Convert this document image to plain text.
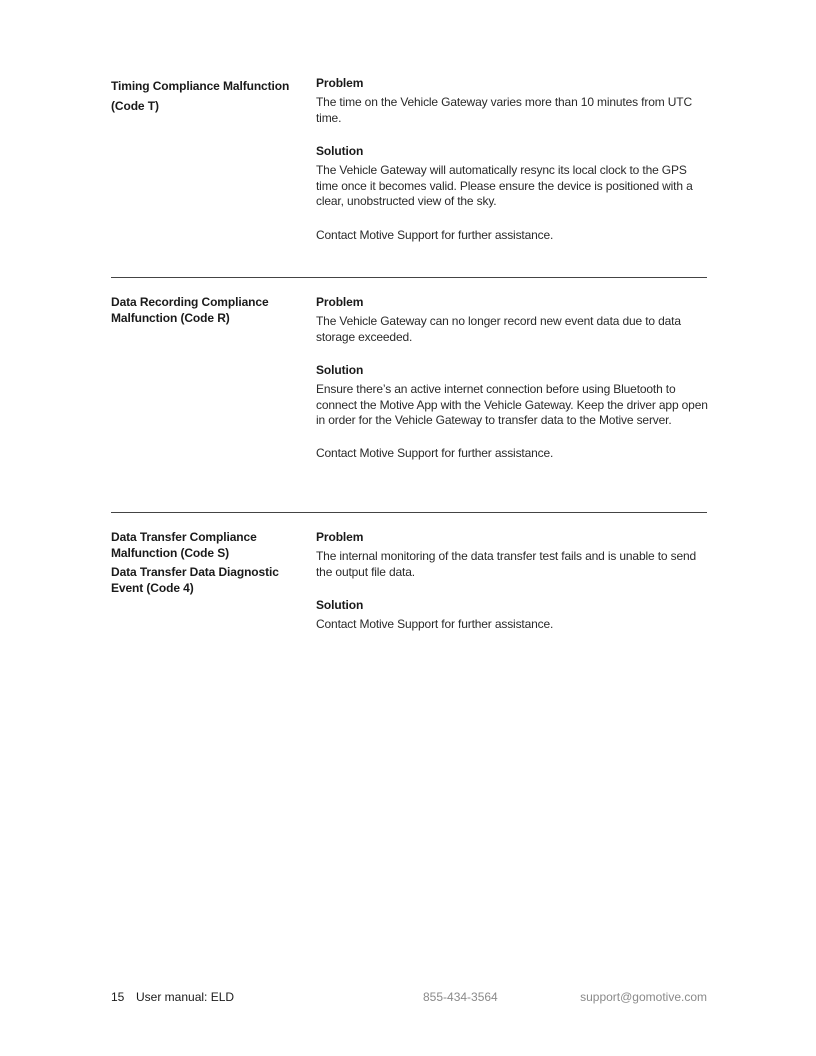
Timing Compliance Malfunction
(Code T)
Problem

The time on the Vehicle Gateway varies more than 10 minutes from UTC time.

Solution

The Vehicle Gateway will automatically resync its local clock to the GPS time once it becomes valid. Please ensure the device is positioned with a clear, unobstructed view of the sky.

Contact Motive Support for further assistance.

Data Recording Compliance Malfunction (Code R)
Problem

The Vehicle Gateway can no longer record new event data due to data storage exceeded.

Solution

Ensure there’s an active internet connection before using Bluetooth to connect the Motive App with the Vehicle Gateway. Keep the driver app open in order for the Vehicle Gateway to transfer data to the Motive server.

Contact Motive Support for further assistance.

Data Transfer Compliance Malfunction (Code S)
Data Transfer Data Diagnostic Event (Code 4)
Problem

The internal monitoring of the data transfer test fails and is unable to send the output file data.

Solution

Contact Motive Support for further assistance.

15 User manual: ELD	855-434-3564	support@gomotive.com
